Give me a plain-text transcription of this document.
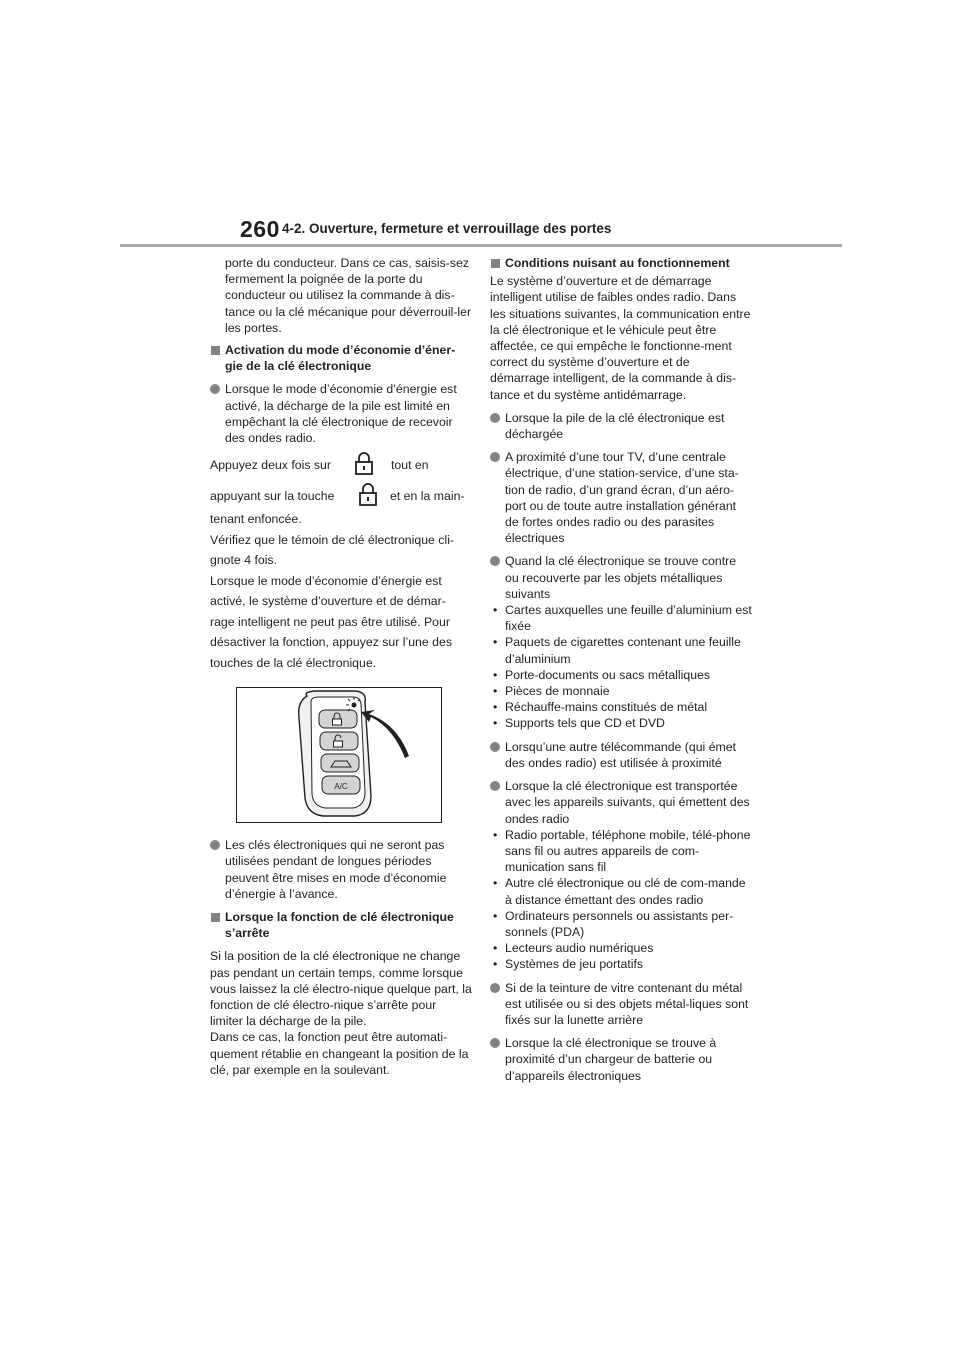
260 4-2. Ouverture, fermeture et verrouillage des portes

porte du conducteur. Dans ce cas, saisis-sez fermement la poignée de la porte du conducteur ou utilisez la commande à dis-tance ou la clé mécanique pour déverrouil-ler les portes.

Activation du mode d’économie d’éner-gie de la clé électronique
Lorsque le mode d’économie d’énergie est activé, la décharge de la pile est limité en empêchant la clé électronique de recevoir des ondes radio.
Appuyez deux fois sur	tout en
appuyant sur la touche	et en la main-

tenant enfoncée.

Vérifiez que le témoin de clé électronique cli-

gnote 4 fois.

Lorsque le mode d’économie d’énergie est

activé, le système d’ouverture et de démar-

rage intelligent ne peut pas être utilisé. Pour

désactiver la fonction, appuyez sur l’une des

touches de la clé électronique.

A/C
Les clés électroniques qui ne seront pas utilisées pendant de longues périodes peuvent être mises en mode d’économie d’énergie à l’avance.
Lorsque la fonction de clé électronique s’arrête

Si la position de la clé électronique ne change pas pendant un certain temps, comme lorsque vous laissez la clé électro-nique quelque part, la fonction de clé électro-nique s’arrête pour limiter la décharge de la pile.

Dans ce cas, la fonction peut être automati-quement rétablie en changeant la position de la clé, par exemple en la soulevant.

Conditions nuisant au fonctionnement

Le système d’ouverture et de démarrage intelligent utilise de faibles ondes radio. Dans les situations suivantes, la communication entre la clé électronique et le véhicule peut être affectée, ce qui empêche le fonctionne-ment correct du système d’ouverture et de démarrage intelligent, de la commande à dis-tance et du système antidémarrage.

Lorsque la pile de la clé électronique est déchargée
A proximité d’une tour TV, d’une centrale électrique, d’une station-service, d’une sta-tion de radio, d’un grand écran, d’un aéro-port ou de toute autre installation générant de fortes ondes radio ou des parasites électriques
Quand la clé électronique se trouve contre ou recouverte par les objets métalliques suivants
• Cartes auxquelles une feuille d’aluminium est fixée
• Paquets de cigarettes contenant une feuille d’aluminium
• Porte-documents ou sacs métalliques
• Pièces de monnaie
• Réchauffe-mains constitués de métal
• Supports tels que CD et DVD
Lorsqu’une autre télécommande (qui émet des ondes radio) est utilisée à proximité
Lorsque la clé électronique est transportée avec les appareils suivants, qui émettent des ondes radio
• Radio portable, téléphone mobile, télé-phone sans fil ou autres appareils de com-munication sans fil
• Autre clé électronique ou clé de com-mande à distance émettant des ondes radio
• Ordinateurs personnels ou assistants per-sonnels (PDA)
• Lecteurs audio numériques
• Systèmes de jeu portatifs
Si de la teinture de vitre contenant du métal est utilisée ou si des objets métal-liques sont fixés sur la lunette arrière
Lorsque la clé électronique se trouve à proximité d’un chargeur de batterie ou d’appareils électroniques
